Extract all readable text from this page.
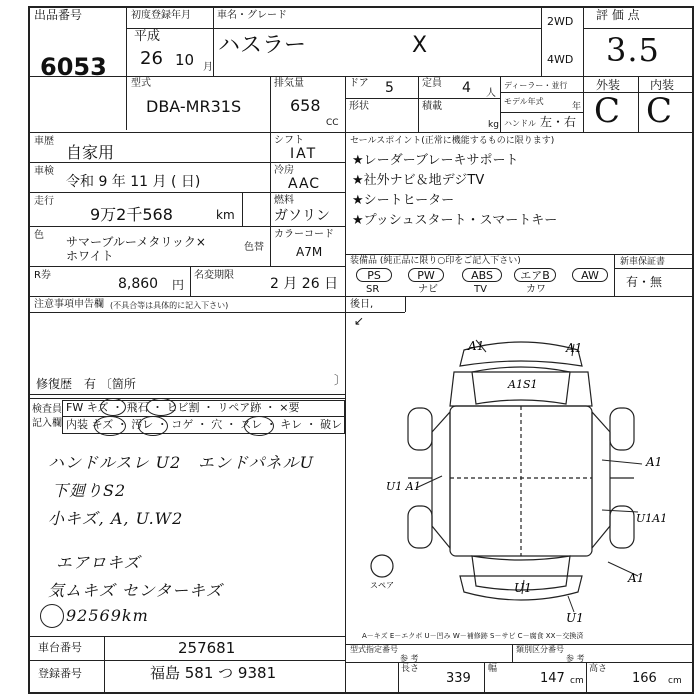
出品番号
6053
初度登録年月
平成
26 10 月
車名・グレード
ハスラー	X
2WD
4WD
評 価 点
3.5
外装 内装
C C
型式
DBA-MR31S
排気量
658
CC
ドア 5	定員 4 人
形状	積載
kg
ディーラー・並行
モデル年式
年
ハンドル 左・右
車歴
自家用
車検
令和 9 年 11 月 ( 日)
走行
9万2千568	km
色 サマーブルーメタリック×
ホワイト
色替
R券
8,860 円
名変期限
2 月 26 日
シフト
IAT
冷房
AAC
燃料
ガソリン
カラーコード
A7M
セールスポイント(正常に機能するものに限ります)
★レーダーブレーキサポート
★社外ナビ＆地デジTV
★シートヒーター
★プッシュスタート・スマートキー
装備品 (純正品に限り○印をご記入下さい)
PS	PW	ABS	エアB	AW
SR	ナビ	TV	カワ
新車保証書
有・無
後日,
↙
注意事項申告欄 (不具合等は具体的に記入下さい)
修復歴 有 〔箇所	〕
検査員
記入欄
FW キズ ・ 飛石 ・ ヒビ割 ・ リペア跡 ・ ×要
内装 キズ ・ 汚レ ・ コゲ ・ 穴 ・ スレ ・ キレ ・ 破レ
ハンドルスレ U2 エンドパネルU
下廻りS2
小キズ, A, U.W2
エアロキズ
気ムキズ センターキズ
92569km
A1	A1
A1S1
U1 A1
A1
U1A1
A1
U1
U1
スペア
A－キズ E－エクボ U－凹み W－補修跡 S－サビ C－腐食 XX－交換済
車台番号	257681
登録番号	福島 581 つ 9381
型式指定番号
参 考
類別区分番号
参 考
長さ
339
幅
147 cm
高さ
166 cm
